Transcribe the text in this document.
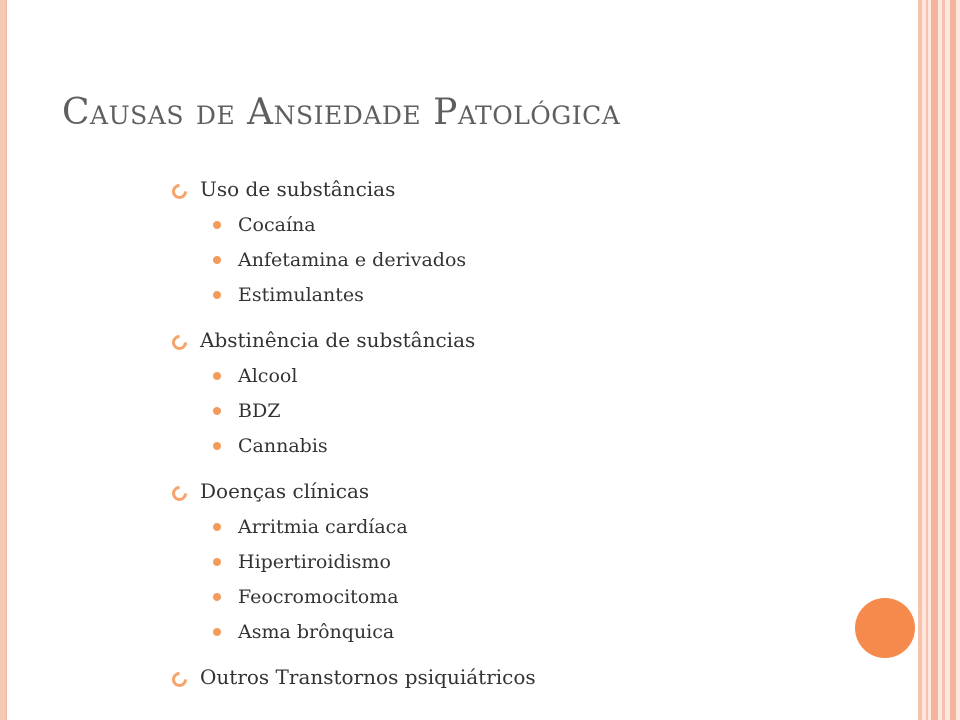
Causas de Ansiedade Patológica
Uso de substâncias
Cocaína
Anfetamina e derivados
Estimulantes
Abstinência de substâncias
Alcool
BDZ
Cannabis
Doenças clínicas
Arritmia cardíaca
Hipertiroidismo
Feocromocitoma
Asma brônquica
Outros Transtornos psiquiátricos
